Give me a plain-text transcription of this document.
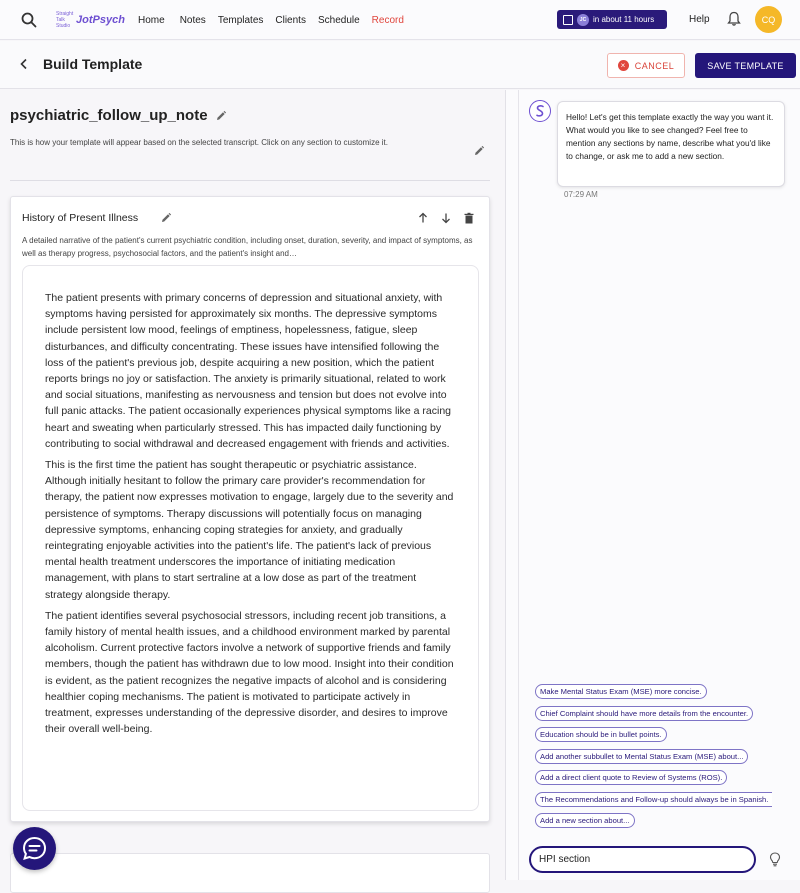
Straight Talk Studio JotPsych Home Notes Templates Clients Schedule Record	JC in about 11 hours	Help	CQ
Build Template	× CANCEL	SAVE TEMPLATE
psychiatric_follow_up_note

This is how your template will appear based on the selected transcript. Click on any section to customize it.

History of Present Illness

A detailed narrative of the patient's current psychiatric condition, including onset, duration, severity, and impact of symptoms, as well as therapy progress, psychosocial factors, and the patient's insight and…

The patient presents with primary concerns of depression and situational anxiety, with symptoms having persisted for approximately six months. The depressive symptoms include persistent low mood, feelings of emptiness, hopelessness, fatigue, sleep disturbances, and difficulty concentrating. These issues have intensified following the loss of the patient's previous job, despite acquiring a new position, which the patient reports brings no joy or satisfaction. The anxiety is primarily situational, related to work and social situations, manifesting as nervousness and tension but does not evolve into full panic attacks. The patient occasionally experiences physical symptoms like a racing heart and sweating when particularly stressed. This has impacted daily functioning by contributing to social withdrawal and decreased engagement with friends and activities.

This is the first time the patient has sought therapeutic or psychiatric assistance. Although initially hesitant to follow the primary care provider's recommendation for therapy, the patient now expresses motivation to engage, largely due to the severity and persistence of symptoms. Therapy discussions will potentially focus on managing depressive symptoms, enhancing coping strategies for anxiety, and gradually reintegrating enjoyable activities into the patient's life. The patient's lack of previous mental health treatment underscores the importance of initiating medication management, with plans to start sertraline at a low dose as part of the treatment strategy alongside therapy.

The patient identifies several psychosocial stressors, including recent job transitions, a family history of mental health issues, and a childhood environment marked by parental alcoholism. Current protective factors involve a network of supportive friends and family members, though the patient has withdrawn due to low mood. Insight into their condition is evident, as the patient recognizes the negative impacts of alcohol and is considering healthier coping mechanisms. The patient is motivated to participate actively in treatment, expresses understanding of the depressive disorder, and desires to improve their overall well-being.

Hello! Let's get this template exactly the way you want it. What would you like to see changed? Feel free to mention any sections by name, describe what you'd like to change, or ask me to add a new section.
07:29 AM
Make Mental Status Exam (MSE) more concise.
Chief Complaint should have more details from the encounter.
Education should be in bullet points.
Add another subbullet to Mental Status Exam (MSE) about...
Add a direct client quote to Review of Systems (ROS).
The Recommendations and Follow-up should always be in Spanish.
Add a new section about...
HPI section
